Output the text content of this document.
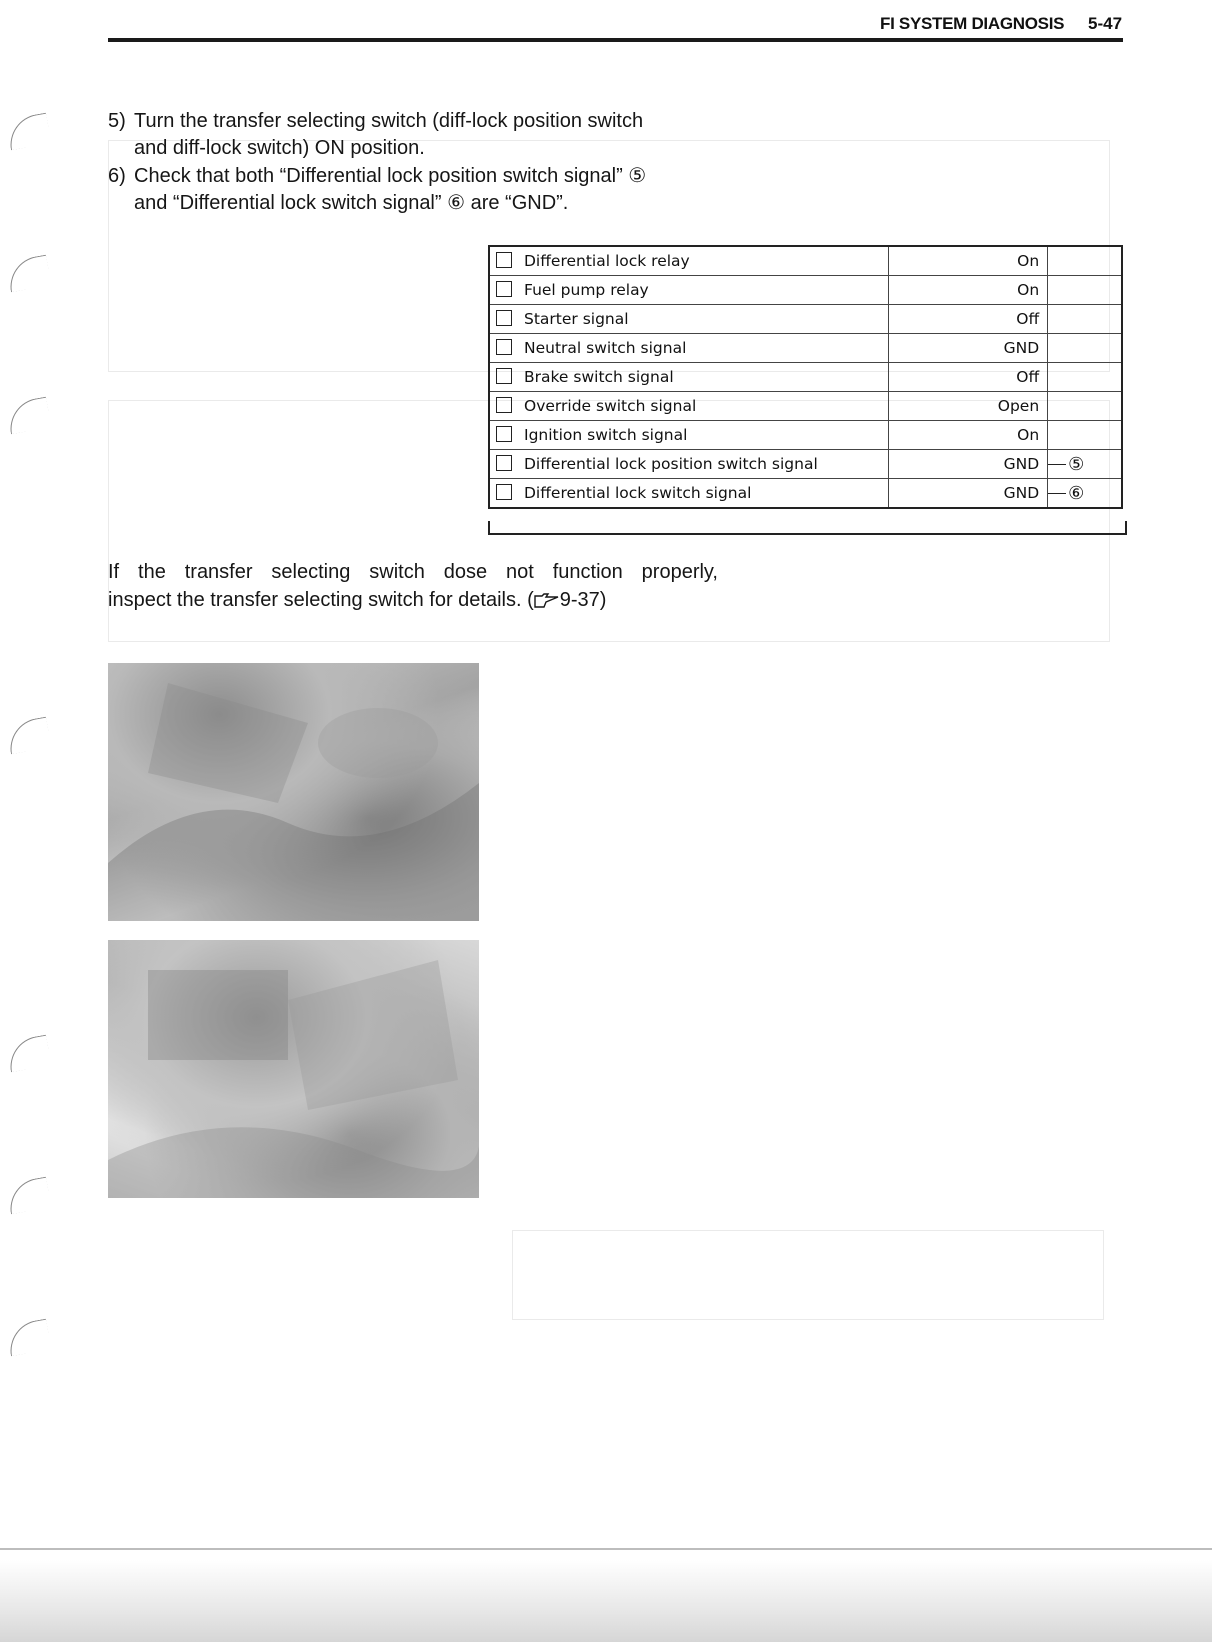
FI SYSTEM DIAGNOSIS 5-47
5) Turn the transfer selecting switch (diff-lock position switch
and diff-lock switch) ON position.
6) Check that both “Differential lock position switch signal” ⑤
and “Differential lock switch signal” ⑥ are “GND”.
Differential lock relay	On	
Fuel pump relay	On	
Starter signal	Off	
Neutral switch signal	GND	
Brake switch signal	Off	
Override switch signal	Open	
Ignition switch signal	On	
Differential lock position switch signal	GND	⑤

Differential lock switch signal	GND	⑥
If the transfer selecting switch dose not function properly,
inspect the transfer selecting switch for details. ( 9-37)
